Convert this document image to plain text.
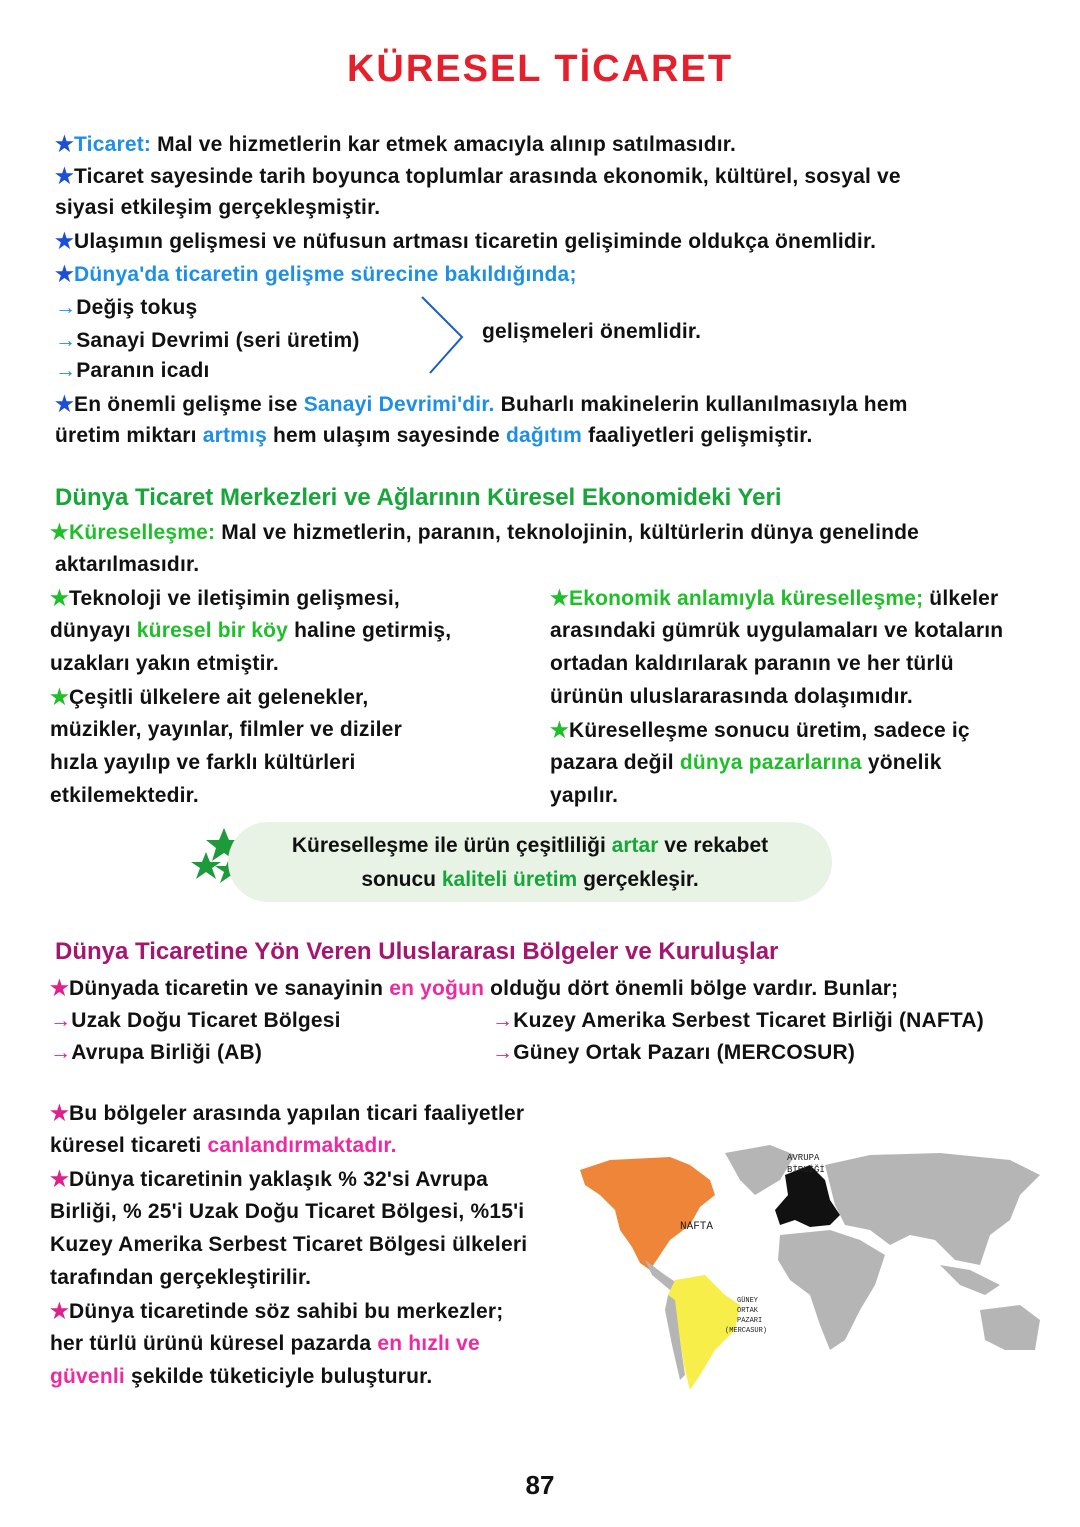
KÜRESEL TİCARET
★Ticaret: Mal ve hizmetlerin kar etmek amacıyla alınıp satılmasıdır.
★Ticaret sayesinde tarih boyunca toplumlar arasında ekonomik, kültürel, sosyal ve
siyasi etkileşim gerçekleşmiştir.
★Ulaşımın gelişmesi ve nüfusun artması ticaretin gelişiminde oldukça önemlidir.
★Dünya'da ticaretin gelişme sürecine bakıldığında;
→Değiş tokuş
→Sanayi Devrimi (seri üretim)
→Paranın icadı
gelişmeleri önemlidir.
★En önemli gelişme ise Sanayi Devrimi'dir. Buharlı makinelerin kullanılmasıyla hem
üretim miktarı artmış hem ulaşım sayesinde dağıtım faaliyetleri gelişmiştir.
Dünya Ticaret Merkezleri ve Ağlarının Küresel Ekonomideki Yeri
★Küreselleşme: Mal ve hizmetlerin, paranın, teknolojinin, kültürlerin dünya genelinde
aktarılmasıdır.
★Teknoloji ve iletişimin gelişmesi,
dünyayı küresel bir köy haline getirmiş,
uzakları yakın etmiştir.
★Çeşitli ülkelere ait gelenekler,
müzikler, yayınlar, filmler ve diziler
hızla yayılıp ve farklı kültürleri
etkilemektedir.
★Ekonomik anlamıyla küreselleşme; ülkeler
arasındaki gümrük uygulamaları ve kotaların
ortadan kaldırılarak paranın ve her türlü
ürünün uluslararasında dolaşımıdır.
★Küreselleşme sonucu üretim, sadece iç
pazara değil dünya pazarlarına yönelik
yapılır.
Küreselleşme ile ürün çeşitliliği artar ve rekabet
sonucu kaliteli üretim gerçekleşir.
Dünya Ticaretine Yön Veren Uluslararası Bölgeler ve Kuruluşlar
★Dünyada ticaretin ve sanayinin en yoğun olduğu dört önemli bölge vardır. Bunlar;
→Uzak Doğu Ticaret Bölgesi
→Avrupa Birliği (AB)
→Kuzey Amerika Serbest Ticaret Birliği (NAFTA)
→Güney Ortak Pazarı (MERCOSUR)
★Bu bölgeler arasında yapılan ticari faaliyetler
küresel ticareti canlandırmaktadır.
★Dünya ticaretinin yaklaşık % 32'si Avrupa
Birliği, % 25'i Uzak Doğu Ticaret Bölgesi, %15'i
Kuzey Amerika Serbest Ticaret Bölgesi ülkeleri
tarafından gerçekleştirilir.
★Dünya ticaretinde söz sahibi bu merkezler;
her türlü ürünü küresel pazarda en hızlı ve
güvenli şekilde tüketiciyle buluşturur.
AVRUPA
BİRLİĞİ
NAFTA
GÜNEY
ORTAK
PAZARI
(MERCASUR)
87
